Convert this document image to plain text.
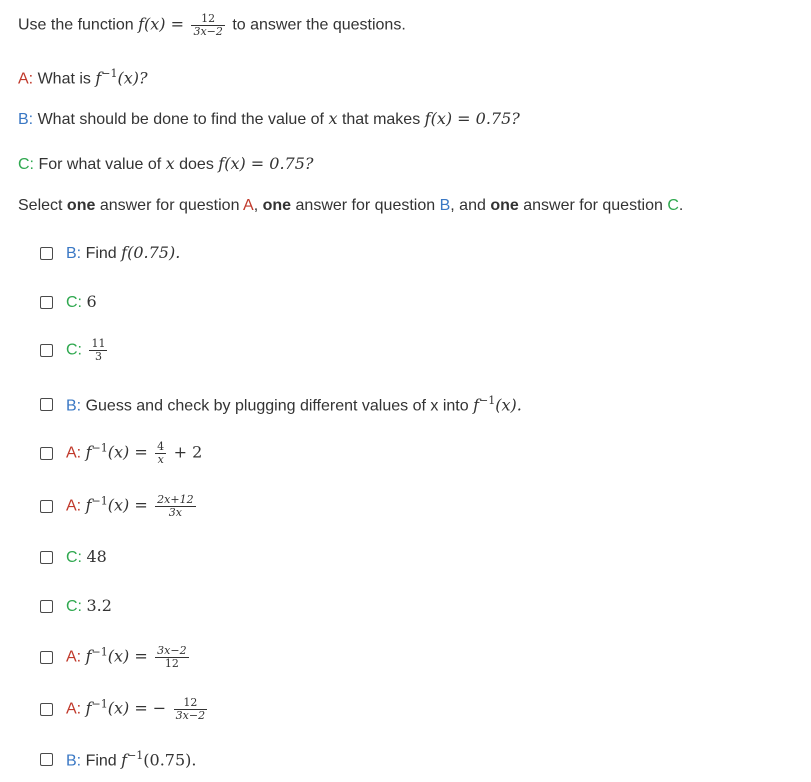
Use the function $f(x) = \frac{12}{3x-2}$ to answer the questions.
A: What is $f^{-1}(x)$?
B: What should be done to find the value of x that makes f(x) = 0.75?
C: For what value of x does f(x) = 0.75?
Select one answer for question A, one answer for question B, and one answer for question C.
B: Find f(0.75).
C: 6
C: $\frac{11}{3}$
B: Guess and check by plugging different values of x into $f^{-1}(x)$.
A: $f^{-1}(x) = \frac{4}{x} + 2$
A: $f^{-1}(x) = \frac{2x+12}{3x}$
C: 48
C: 3.2
A: $f^{-1}(x) = \frac{3x-2}{12}$
A: $f^{-1}(x)$ = − $\frac{12}{3x-2}$
B: Find $f^{-1}(0.75)$.
